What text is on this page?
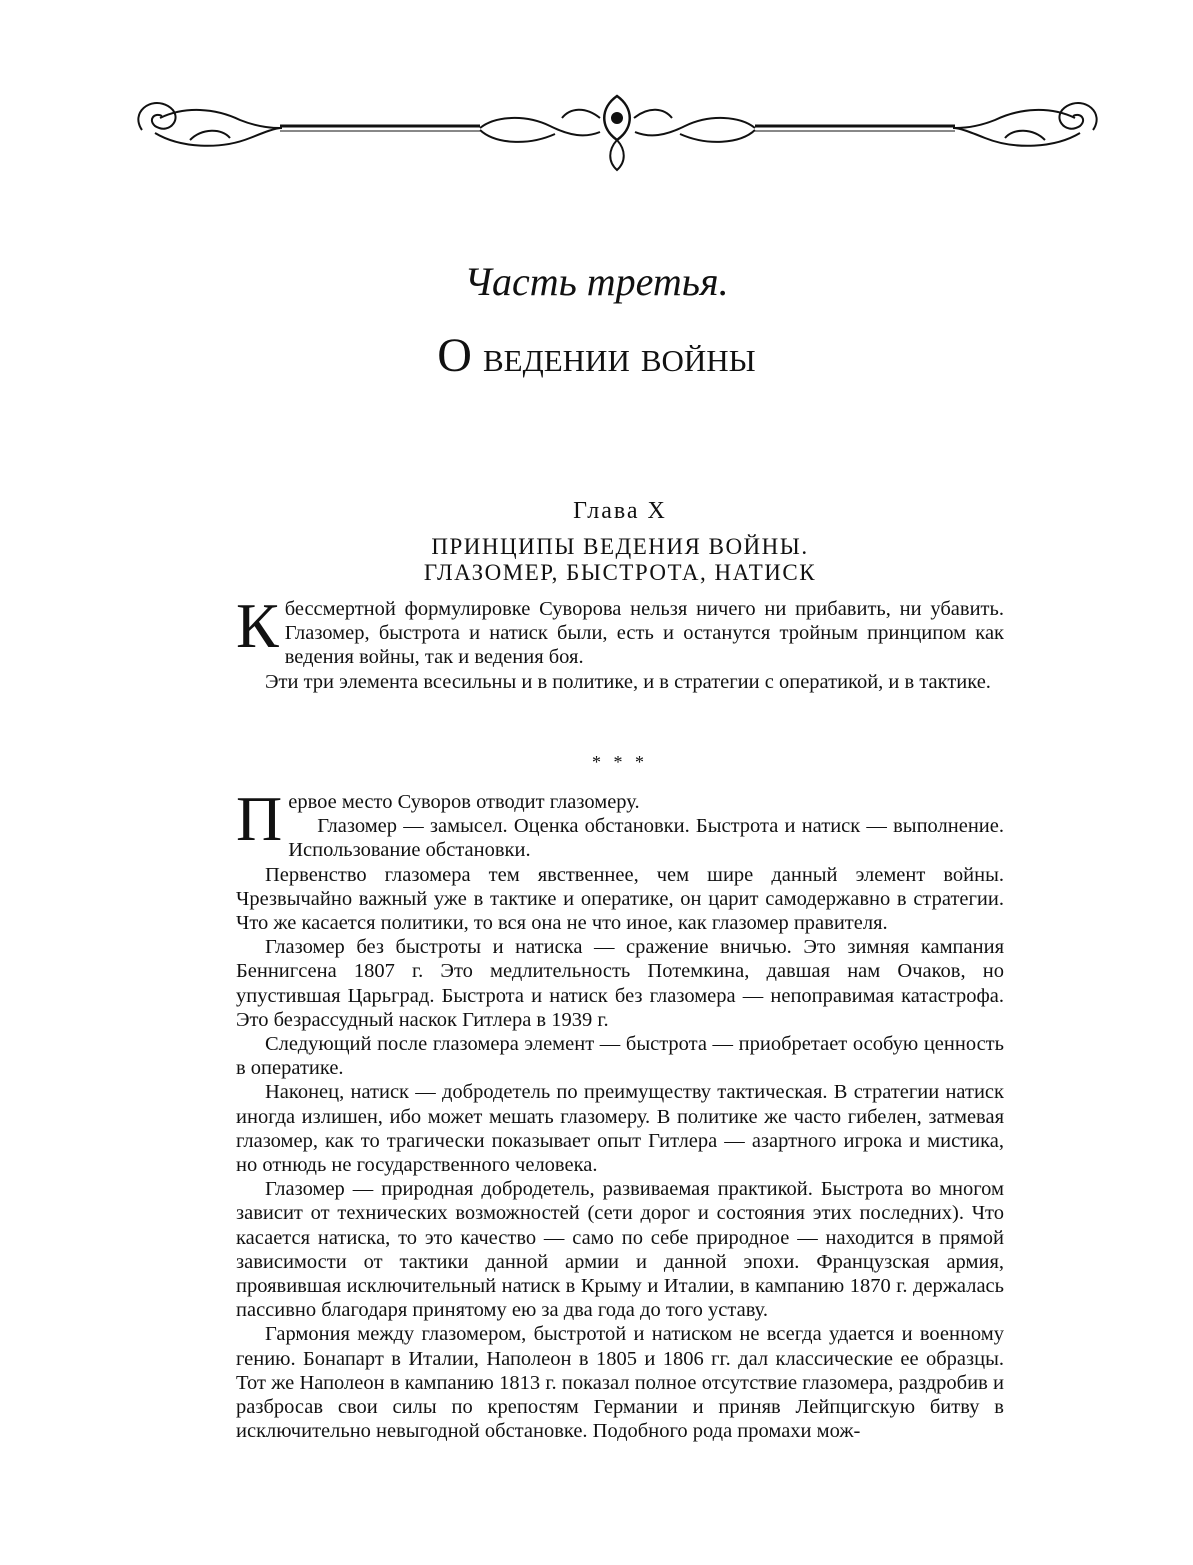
Часть третья.
О ведении войны
Глава X
ПРИНЦИПЫ ВЕДЕНИЯ ВОЙНЫ.
ГЛАЗОМЕР, БЫСТРОТА, НАТИСК

Кбессмертной формулировке Суворова нельзя ничего ни прибавить, ни убавить. Глазомер, быстрота и натиск были, есть и останутся тройным принципом как ведения войны, так и ведения боя.

Эти три элемента всесильны и в политике, и в стратегии с оператикой, и в тактике.

* * *

Первое место Суворов отводит глазомеру.
Глазомер — замысел. Оценка обстановки. Быстрота и натиск — выполнение. Использование обстановки.

Первенство глазомера тем явственнее, чем шире данный элемент войны. Чрезвычайно важный уже в тактике и оператике, он царит самодержавно в стратегии. Что же касается политики, то вся она не что иное, как глазомер правителя.

Глазомер без быстроты и натиска — сражение вничью. Это зимняя кампания Беннигсена 1807 г. Это медлительность Потемкина, давшая нам Очаков, но упустившая Царьград. Быстрота и натиск без глазомера — непоправимая катастрофа. Это безрассудный наскок Гитлера в 1939 г.

Следующий после глазомера элемент — быстрота — приобретает особую ценность в оператике.

Наконец, натиск — добродетель по преимуществу тактическая. В стратегии натиск иногда излишен, ибо может мешать глазомеру. В политике же часто гибелен, затмевая глазомер, как то трагически показывает опыт Гитлера — азартного игрока и мистика, но отнюдь не государственного человека.

Глазомер — природная добродетель, развиваемая практикой. Быстрота во многом зависит от технических возможностей (сети дорог и состояния этих последних). Что касается натиска, то это качество — само по себе природное — находится в прямой зависимости от тактики данной армии и данной эпохи. Французская армия, проявившая исключительный натиск в Крыму и Италии, в кампанию 1870 г. держалась пассивно благодаря принятому ею за два года до того уставу.

Гармония между глазомером, быстротой и натиском не всегда удается и военному гению. Бонапарт в Италии, Наполеон в 1805 и 1806 гг. дал классические ее образцы. Тот же Наполеон в кампанию 1813 г. показал полное отсутствие глазомера, раздробив и разбросав свои силы по крепостям Германии и приняв Лейпцигскую битву в исключительно невыгодной обстановке. Подобного рода промахи мож-
